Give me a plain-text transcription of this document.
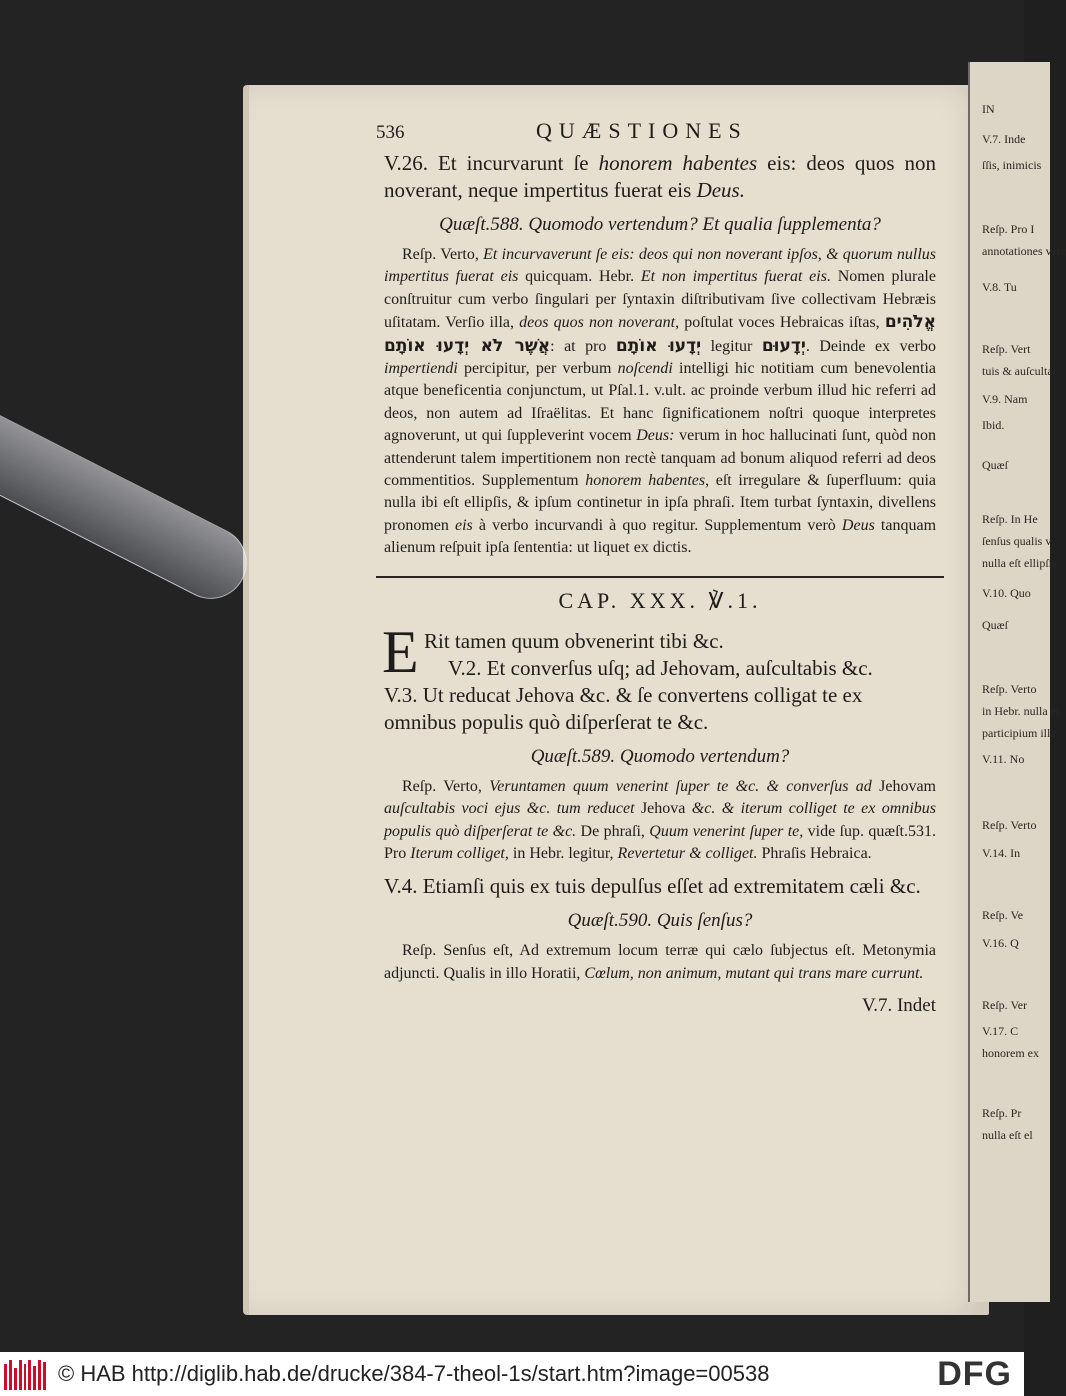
IN
V.7. Inde
ſſis, inimicis
Reſp. Pro I
annotationes verc
V.8. Tu
Reſp. Vert
tuis & auſcultal
V.9. Nam
Ibid.
Quæſ
Reſp. In He
ſenſus qualis v.
nulla eſt ellipſis
V.10. Quo
Quæſ
Reſp. Verto
in Hebr. nulla el
participium illu
V.11. No
Reſp. Verto
V.14. In
Reſp. Ve
V.16. Q
Reſp. Ver
V.17. C
honorem ex
Reſp. Pr
nulla eſt el
536	QUÆSTIONES
V.26. Et incurvarunt ſe honorem habentes eis: deos quos non noverant, neque impertitus fuerat eis Deus.
Quæſt.588. Quomodo vertendum? Et qualia ſupplementa?
Reſp. Verto, Et incurvaverunt ſe eis: deos qui non noverant ipſos, & quorum nullus impertitus fuerat eis quicquam. Hebr. Et non impertitus fuerat eis. Nomen plurale conſtruitur cum verbo ſingulari per ſyntaxin diſtributivam ſive collectivam Hebræis uſitatam. Verſio illa, deos quos non noverant, poſtulat voces Hebraicas iſtas, אֱלֹהִים אֲשֶׁר לֹא יְדָעוּ אוֹתָם: at pro יְדָעוּ אוֹתָם legitur יְדָעוּם. Deinde ex verbo impertiendi percipitur, per verbum noſcendi intelligi hic notitiam cum benevolentia atque beneficentia conjunctum, ut Pſal.1. v.ult. ac proinde verbum illud hic referri ad deos, non autem ad Iſraëlitas. Et hanc ſignificationem noſtri quoque interpretes agnoverunt, ut qui ſuppleverint vocem Deus: verum in hoc hallucinati ſunt, quòd non attenderunt talem impertitionem non rectè tanquam ad bonum aliquod referri ad deos commentitios. Supplementum honorem habentes, eſt irregulare & ſuperfluum: quia nulla ibi eſt ellipſis, & ipſum continetur in ipſa phraſi. Item turbat ſyntaxin, divellens pronomen eis à verbo incurvandi à quo regitur. Supplementum verò Deus tanquam alienum reſpuit ipſa ſententia: ut liquet ex dictis.
CAP. XXX. ℣.1.
E Rit tamen quum obvenerint tibi &c.
V.2. Et converſus uſq; ad Jehovam, auſcultabis &c.
V.3. Ut reducat Jehova &c. & ſe convertens colligat te ex omnibus populis quò diſperſerat te &c.
Quæſt.589. Quomodo vertendum?
Reſp. Verto, Veruntamen quum venerint ſuper te &c. & converſus ad Jehovam auſcultabis voci ejus &c. tum reducet Jehova &c. & iterum colliget te ex omnibus populis quò diſperſerat te &c. De phraſi, Quum venerint ſuper te, vide ſup. quæſt.531. Pro Iterum colliget, in Hebr. legitur, Revertetur & colliget. Phraſis Hebraica.
V.4. Etiamſi quis ex tuis depulſus eſſet ad extremitatem cæli &c.
Quæſt.590. Quis ſenſus?
Reſp. Senſus eſt, Ad extremum locum terræ qui cælo ſubjectus eſt. Metonymia adjuncti. Qualis in illo Horatii, Cœlum, non animum, mutant qui trans mare currunt.
V.7. Indet
© HAB http://diglib.hab.de/drucke/384-7-theol-1s/start.htm?image=00538	DFG
